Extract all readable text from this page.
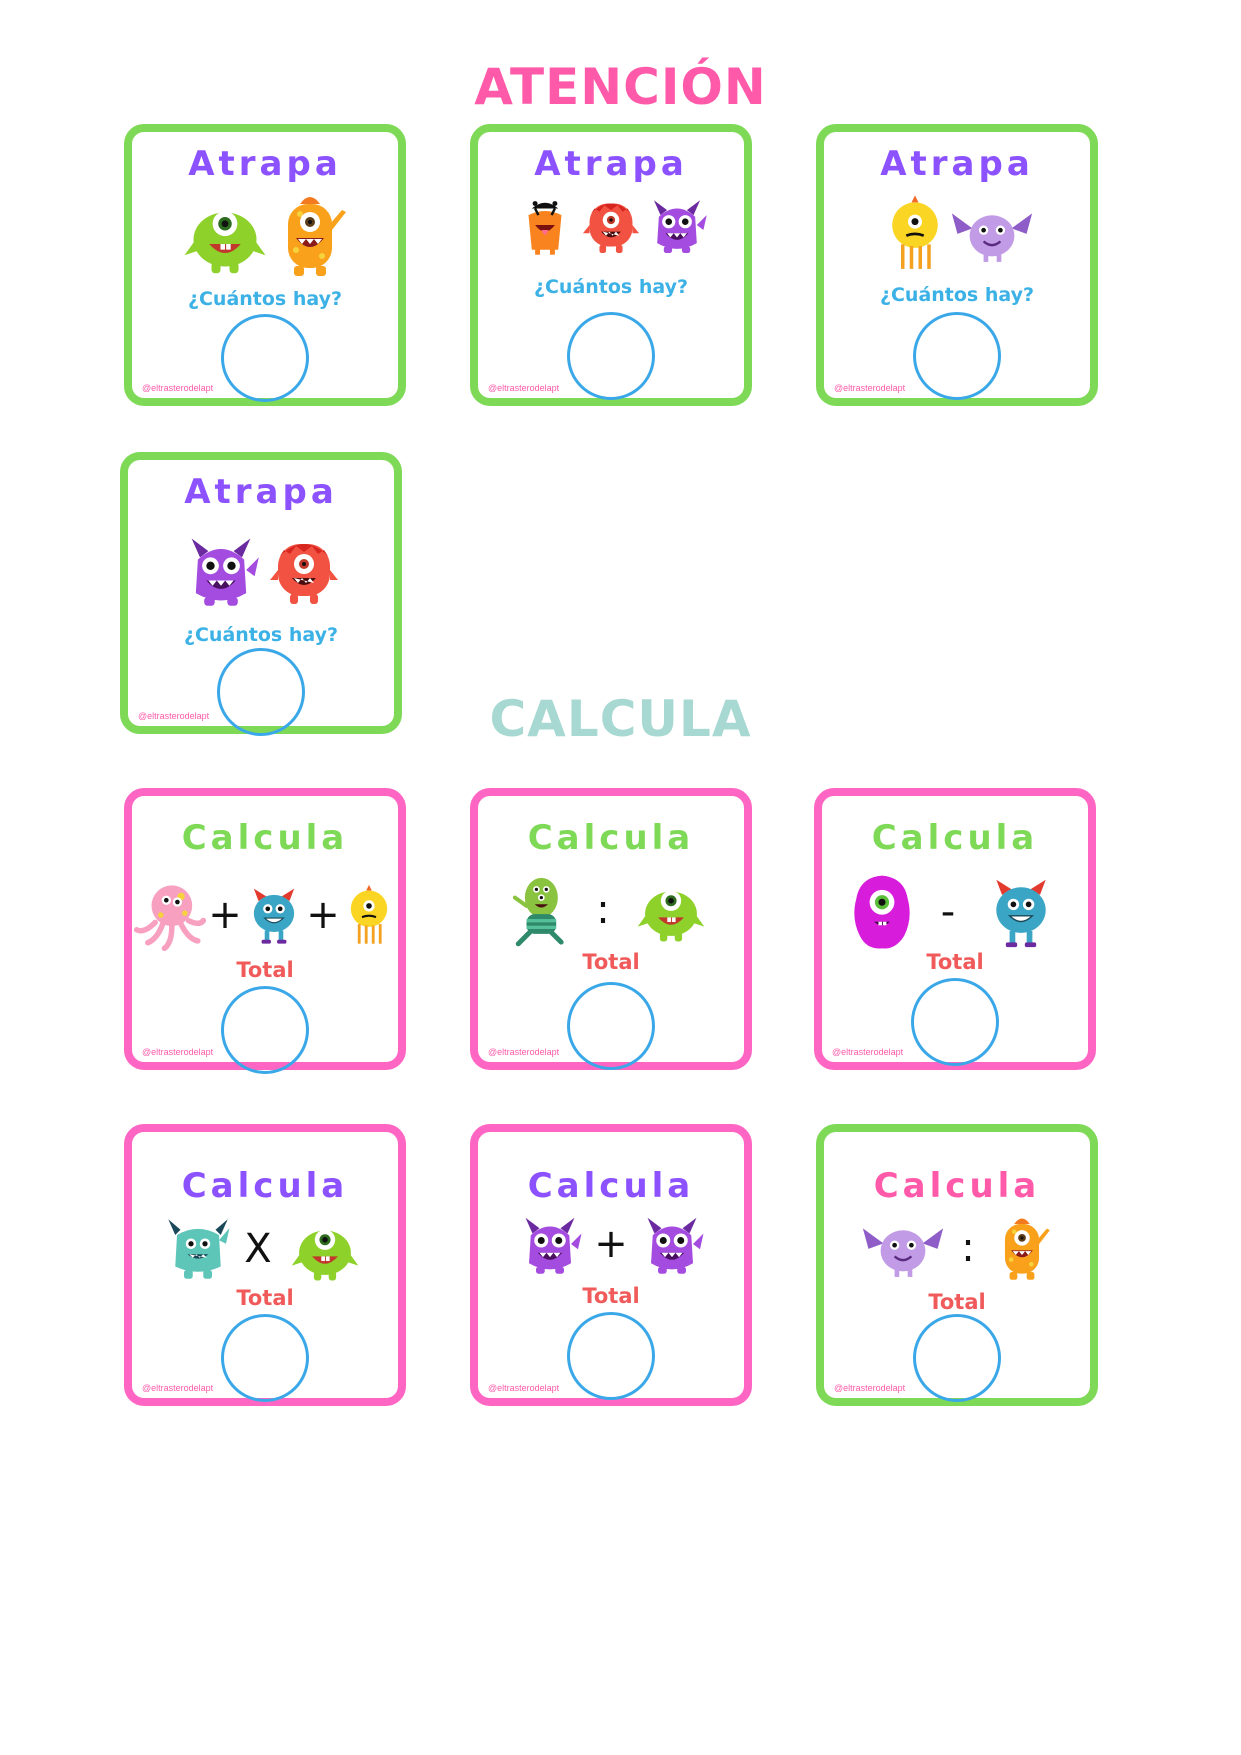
ATENCIÓN
Atrapa
¿Cuántos hay?
@eltrasterodelapt
Atrapa
¿Cuántos hay?
@eltrasterodelapt
Atrapa
¿Cuántos hay?
@eltrasterodelapt
Atrapa
¿Cuántos hay?
@eltrasterodelapt	CALCULA
Calcula
+ +
Total
@eltrasterodelapt
Calcula
:
Total
@eltrasterodelapt
Calcula
-
Total
@eltrasterodelapt
Calcula
X
Total
@eltrasterodelapt
Calcula
+
Total
@eltrasterodelapt
Calcula
:
Total
@eltrasterodelapt
